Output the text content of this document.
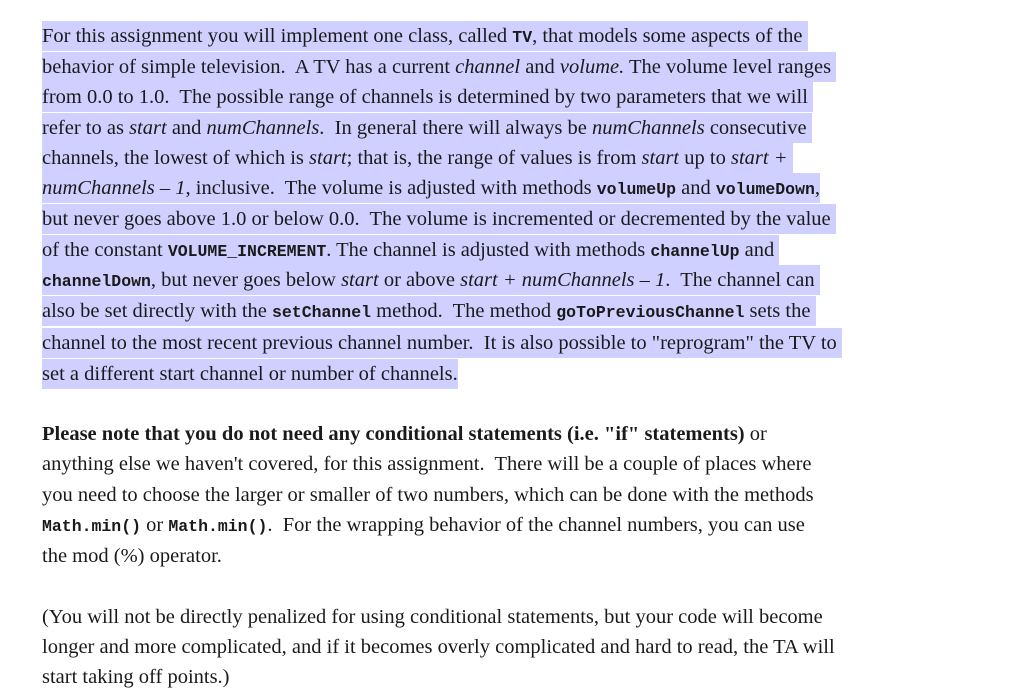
For this assignment you will implement one class, called TV, that models some aspects of the
behavior of simple television.  A TV has a current channel and volume. The volume level ranges
from 0.0 to 1.0.  The possible range of channels is determined by two parameters that we will
refer to as start and numChannels.  In general there will always be numChannels consecutive
channels, the lowest of which is start; that is, the range of values is from start up to start +
numChannels – 1, inclusive.  The volume is adjusted with methods volumeUp and volumeDown,
but never goes above 1.0 or below 0.0.  The volume is incremented or decremented by the value
of the constant VOLUME_INCREMENT. The channel is adjusted with methods channelUp and
channelDown, but never goes below start or above start + numChannels – 1.  The channel can
also be set directly with the setChannel method.  The method goToPreviousChannel sets the
channel to the most recent previous channel number.  It is also possible to "reprogram" the TV to
set a different start channel or number of channels.
Please note that you do not need any conditional statements (i.e. "if" statements) or
anything else we haven't covered, for this assignment.  There will be a couple of places where
you need to choose the larger or smaller of two numbers, which can be done with the methods
Math.min() or Math.min().  For the wrapping behavior of the channel numbers, you can use
the mod (%) operator.
(You will not be directly penalized for using conditional statements, but your code will become
longer and more complicated, and if it becomes overly complicated and hard to read, the TA will
start taking off points.)
